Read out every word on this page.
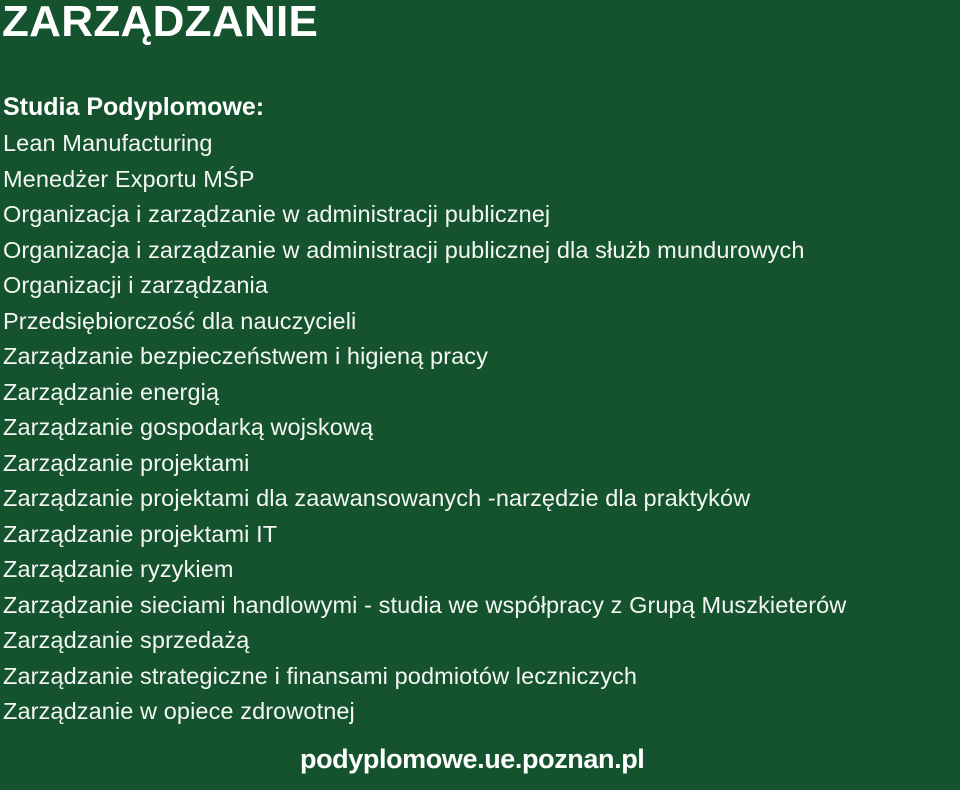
ZARZĄDZANIE
Studia Podyplomowe:
Lean Manufacturing
Menedżer Exportu MŚP
Organizacja i zarządzanie w administracji publicznej
Organizacja i zarządzanie w administracji publicznej dla służb mundurowych
Organizacji i zarządzania
Przedsiębiorczość dla nauczycieli
Zarządzanie bezpieczeństwem i higieną pracy
Zarządzanie energią
Zarządzanie gospodarką wojskową
Zarządzanie projektami
Zarządzanie projektami dla zaawansowanych -narzędzie dla praktyków
Zarządzanie projektami IT
Zarządzanie ryzykiem
Zarządzanie sieciami handlowymi - studia we współpracy z Grupą Muszkieterów
Zarządzanie sprzedażą
Zarządzanie strategiczne i finansami podmiotów leczniczych
Zarządzanie w opiece zdrowotnej
podyplomowe.ue.poznan.pl
